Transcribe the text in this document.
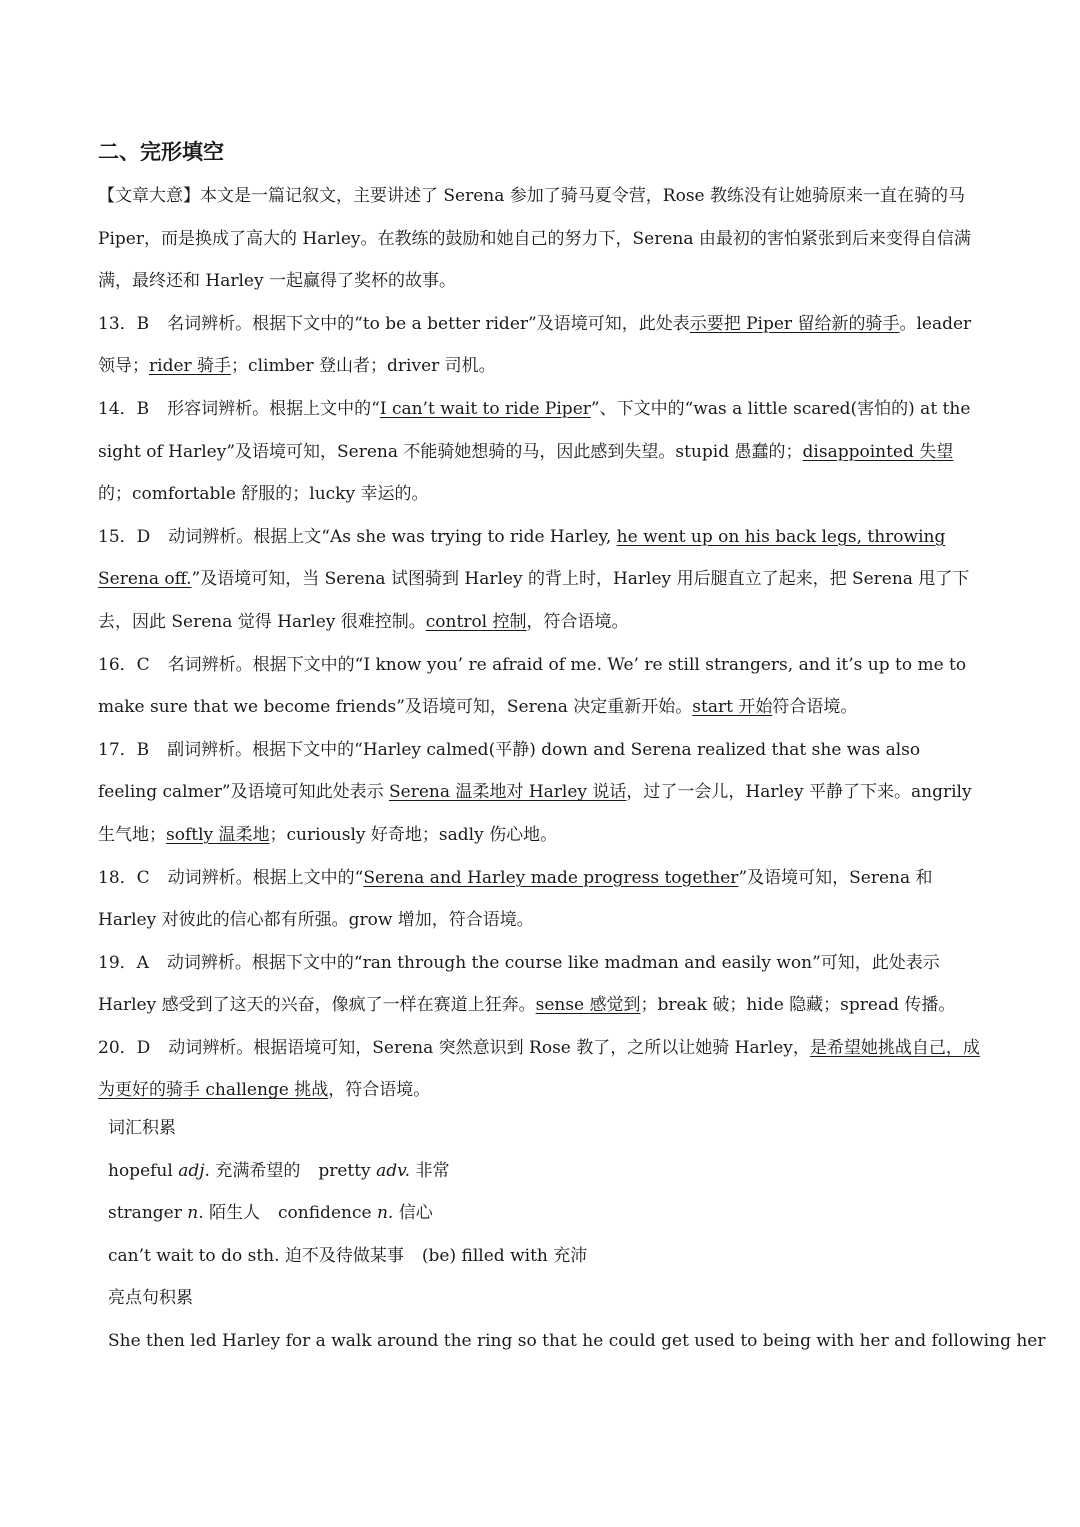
二、完形填空

【文章大意】本文是一篇记叙文，主要讲述了 Serena 参加了骑马夏令营，Rose 教练没有让她骑原来一直在骑的马 Piper，而是换成了高大的 Harley。在教练的鼓励和她自己的努力下，Serena 由最初的害怕紧张到后来变得自信满满，最终还和 Harley 一起赢得了奖杯的故事。

13．B 名词辨析。根据下文中的“to be a better rider”及语境可知，此处表示要把 Piper 留给新的骑手。leader 领导；rider 骑手；climber 登山者；driver 司机。

14．B 形容词辨析。根据上文中的“I can’t wait to ride Piper”、下文中的“was a little scared(害怕的) at the sight of Harley”及语境可知，Serena 不能骑她想骑的马，因此感到失望。stupid 愚蠢的；disappointed 失望的；comfortable 舒服的；lucky 幸运的。

15．D 动词辨析。根据上文“As she was trying to ride Harley, he went up on his back legs, throwing Serena off.”及语境可知，当 Serena 试图骑到 Harley 的背上时，Harley 用后腿直立了起来，把 Serena 甩了下去，因此 Serena 觉得 Harley 很难控制。control 控制，符合语境。

16．C 名词辨析。根据下文中的“I know you’ re afraid of me. We’ re still strangers, and it’s up to me to make sure that we become friends”及语境可知，Serena 决定重新开始。start 开始符合语境。

17．B 副词辨析。根据下文中的“Harley calmed(平静) down and Serena realized that she was also feeling calmer”及语境可知此处表示 Serena 温柔地对 Harley 说话，过了一会儿，Harley 平静了下来。angrily 生气地；softly 温柔地；curiously 好奇地；sadly 伤心地。

18．C 动词辨析。根据上文中的“Serena and Harley made progress together”及语境可知，Serena 和 Harley 对彼此的信心都有所强。grow 增加，符合语境。

19．A 动词辨析。根据下文中的“ran through the course like madman and easily won”可知，此处表示 Harley 感受到了这天的兴奋，像疯了一样在赛道上狂奔。sense 感觉到；break 破；hide 隐藏；spread 传播。

20．D 动词辨析。根据语境可知，Serena 突然意识到 Rose 教了，之所以让她骑 Harley，是希望她挑战自己，成为更好的骑手 challenge 挑战，符合语境。

词汇积累

hopeful adj. 充满希望的 pretty adv. 非常

stranger n. 陌生人 confidence n. 信心

can’t wait to do sth. 迫不及待做某事 (be) filled with 充沛

亮点句积累

She then led Harley for a walk around the ring so that he could get used to being with her and following her
